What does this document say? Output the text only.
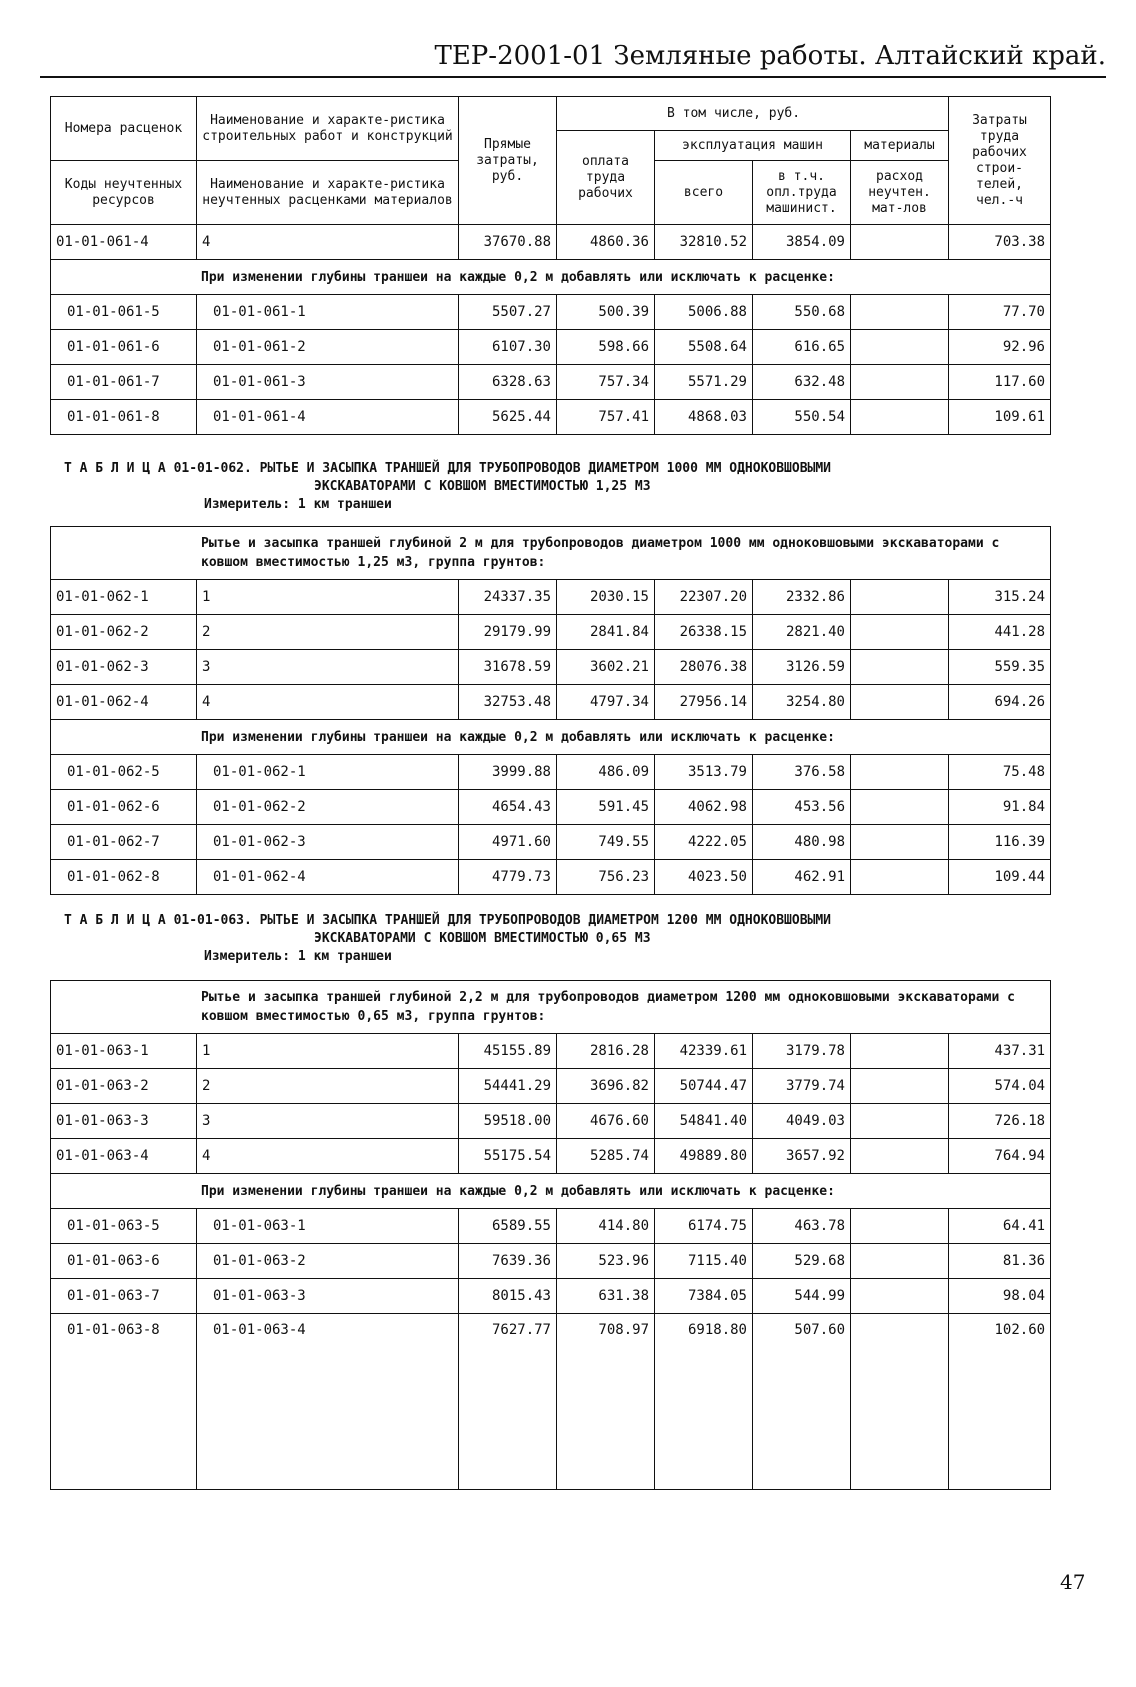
ТЕР-2001-01 Земляные работы. Алтайский край.
Номера расценок	Наименование и характе-ристика строительных работ и конструкций	Прямые затраты, руб.	В том числе, руб.				Затраты труда рабочих строи-телей, чел.-ч
			оплата труда рабочих	эксплуатация машин		материалы	
Коды неучтенных ресурсов	Наименование и характе-ристика неучтенных расценками материалов			всего	в т.ч. опл.труда машинист.	расход неучтен. мат-лов	
01-01-061-4	4	37670.88	4860.36	32810.52	3854.09		703.38
При изменении глубины траншеи на каждые 0,2 м добавлять или исключать к расценке:							
01-01-061-5	01-01-061-1	5507.27	500.39	5006.88	550.68		77.70
01-01-061-6	01-01-061-2	6107.30	598.66	5508.64	616.65		92.96
01-01-061-7	01-01-061-3	6328.63	757.34	5571.29	632.48		117.60
01-01-061-8	01-01-061-4	5625.44	757.41	4868.03	550.54		109.61
Т А Б Л И Ц А 01-01-062. РЫТЬЕ И ЗАСЫПКА ТРАНШЕЙ ДЛЯ ТРУБОПРОВОДОВ ДИАМЕТРОМ 1000 ММ ОДНОКОВШОВЫМИ
ЭКСКАВАТОРАМИ С КОВШОМ ВМЕСТИМОСТЬЮ 1,25 М3
Измеритель: 1 км траншеи
Рытье и засыпка траншей глубиной 2 м для трубопроводов диаметром 1000 мм одноковшовыми экскаваторами с ковшом вместимостью 1,25 м3, группа грунтов:							
01-01-062-1	1	24337.35	2030.15	22307.20	2332.86		315.24
01-01-062-2	2	29179.99	2841.84	26338.15	2821.40		441.28
01-01-062-3	3	31678.59	3602.21	28076.38	3126.59		559.35
01-01-062-4	4	32753.48	4797.34	27956.14	3254.80		694.26
При изменении глубины траншеи на каждые 0,2 м добавлять или исключать к расценке:							
01-01-062-5	01-01-062-1	3999.88	486.09	3513.79	376.58		75.48
01-01-062-6	01-01-062-2	4654.43	591.45	4062.98	453.56		91.84
01-01-062-7	01-01-062-3	4971.60	749.55	4222.05	480.98		116.39
01-01-062-8	01-01-062-4	4779.73	756.23	4023.50	462.91		109.44
Т А Б Л И Ц А 01-01-063. РЫТЬЕ И ЗАСЫПКА ТРАНШЕЙ ДЛЯ ТРУБОПРОВОДОВ ДИАМЕТРОМ 1200 ММ ОДНОКОВШОВЫМИ
ЭКСКАВАТОРАМИ С КОВШОМ ВМЕСТИМОСТЬЮ 0,65 М3
Измеритель: 1 км траншеи
Рытье и засыпка траншей глубиной 2,2 м для трубопроводов диаметром 1200 мм одноковшовыми экскаваторами с ковшом вместимостью 0,65 м3, группа грунтов:							
01-01-063-1	1	45155.89	2816.28	42339.61	3179.78		437.31
01-01-063-2	2	54441.29	3696.82	50744.47	3779.74		574.04
01-01-063-3	3	59518.00	4676.60	54841.40	4049.03		726.18
01-01-063-4	4	55175.54	5285.74	49889.80	3657.92		764.94
При изменении глубины траншеи на каждые 0,2 м добавлять или исключать к расценке:							
01-01-063-5	01-01-063-1	6589.55	414.80	6174.75	463.78		64.41
01-01-063-6	01-01-063-2	7639.36	523.96	7115.40	529.68		81.36
01-01-063-7	01-01-063-3	8015.43	631.38	7384.05	544.99		98.04
01-01-063-8	01-01-063-4	7627.77	708.97	6918.80	507.60		102.60
47
